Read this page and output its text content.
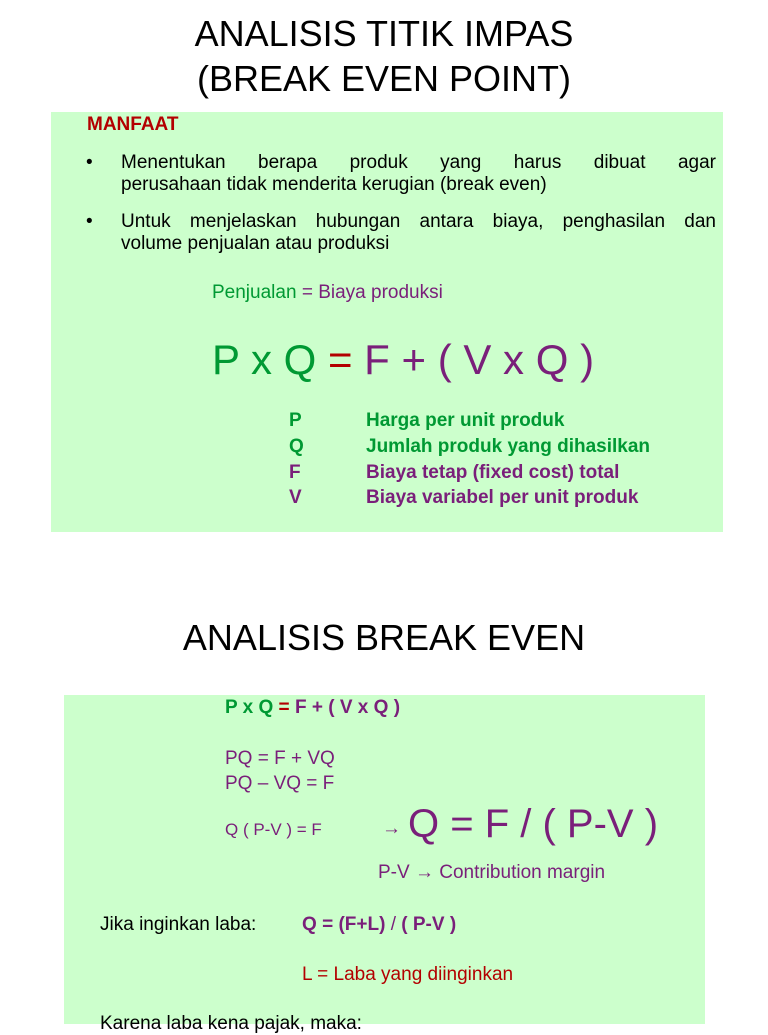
ANALISIS TITIK IMPAS
(BREAK EVEN POINT)
MANFAAT
• Menentukan berapa produk yang harus dibuat agar
perusahaan tidak menderita kerugian (break even)
• Untuk menjelaskan hubungan antara biaya, penghasilan dan
volume penjualan atau produksi
Penjualan = Biaya produksi
P x Q = F + ( V x Q )
P	Harga per unit produk
Q	Jumlah produk yang dihasilkan
F	Biaya tetap (fixed cost) total
V	Biaya variabel per unit produk
ANALISIS BREAK EVEN
P x Q = F + ( V x Q )
PQ = F + VQ
PQ – VQ = F
Q ( P-V ) = F	→ Q = F / ( P-V )
P-V → Contribution margin
Jika inginkan laba: Q = (F+L) / ( P-V )
L = Laba yang diinginkan
Karena laba kena pajak, maka:
